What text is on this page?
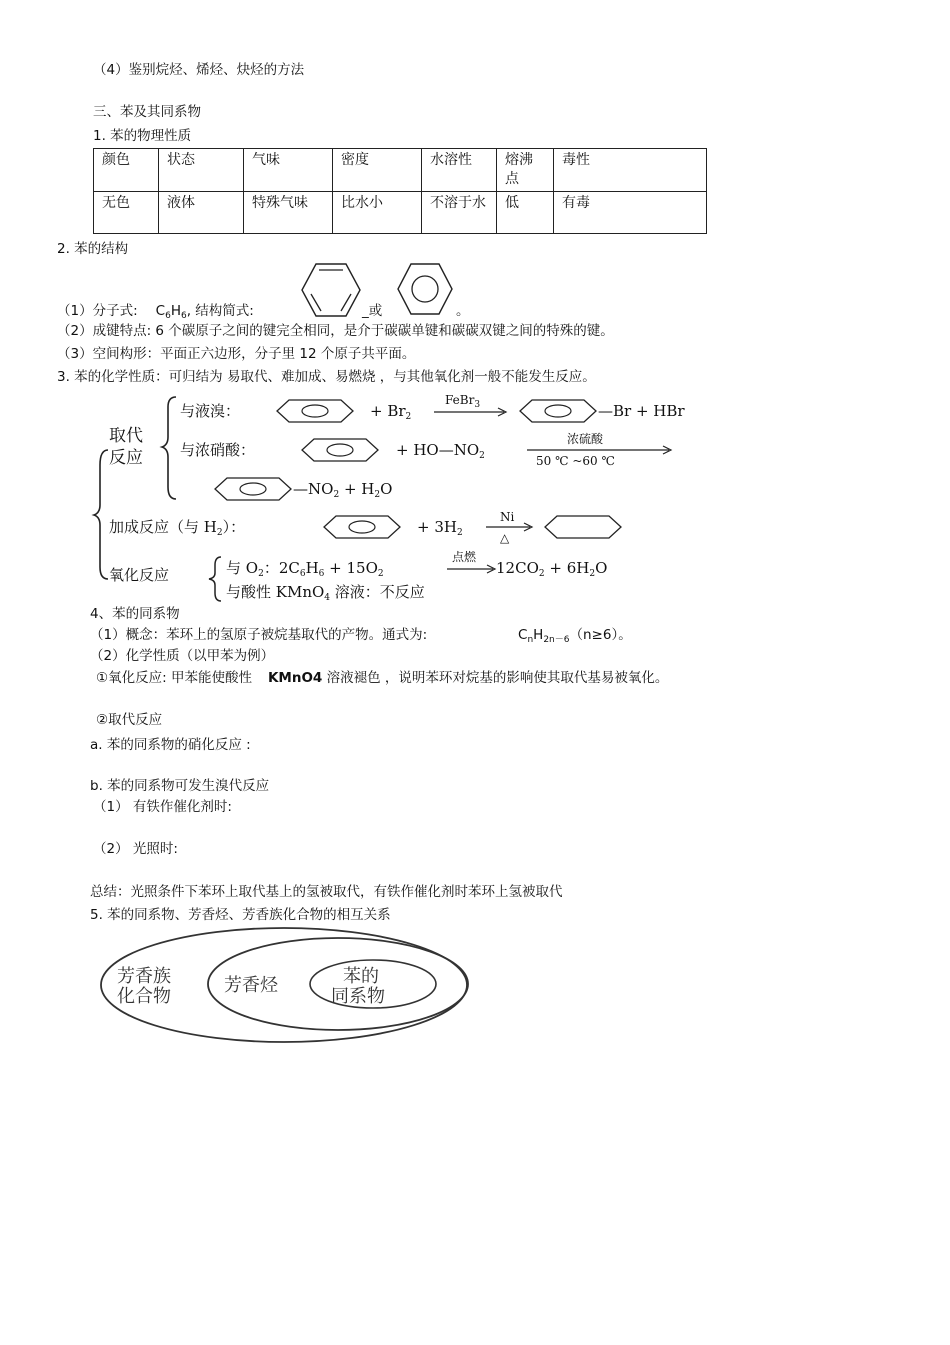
（4）鉴别烷烃、烯烃、炔烃的方法
三、苯及其同系物
1. 苯的物理性质
颜色	状态	气味	密度	水溶性	熔沸点	毒性
无色	液体	特殊气味	比水小	不溶于水	低	有毒
2. 苯的结构
（1）分子式: $C_6H_6$, 结构简式:	_或	。
（2）成键特点: 6 个碳原子之间的键完全相同，是介于碳碳单键和碳碳双键之间的特殊的键。
（3）空间构形：平面正六边形，分子里 12 个原子共平面。
3. 苯的化学性质：可归结为 易取代、难加成、易燃烧 ，与其他氧化剂一般不能发生反应。
取代
反应
与液溴：	+ $Br_2$
FeBr$_3$	—Br + HBr
与浓硝酸：	+ $HO—NO_2$
浓硫酸
50 ℃ ~60 ℃
$—NO_2 + H_2O$
加成反应（与 $H_2$）：	+ $3H_2$
Ni
△
氧化反应	与 $O_2$：$2C_6H_6 + 15O_2$
点燃
→ $12CO_2 + 6H_2O$
与酸性 KMnO$_4$ 溶液：不反应
4、苯的同系物
（1）概念：苯环上的氢原子被烷基取代的产物。通式为:	$C_nH_{2n-6}(n\ge 6)$。
（2）化学性质（以甲苯为例）
①氧化反应: 甲苯能使酸性 KMnO4 溶液褪色 ，说明苯环对烷基的影响使其取代基易被氧化。
②取代反应
a. 苯的同系物的硝化反应 :
b. 苯的同系物可发生溴代反应
（1） 有铁作催化剂时:
（2） 光照时:
总结：光照条件下苯环上取代基上的氢被取代，有铁作催化剂时苯环上氢被取代
5. 苯的同系物、芳香烃、芳香族化合物的相互关系
芳香族
化合物
芳香烃	苯的
同系物
